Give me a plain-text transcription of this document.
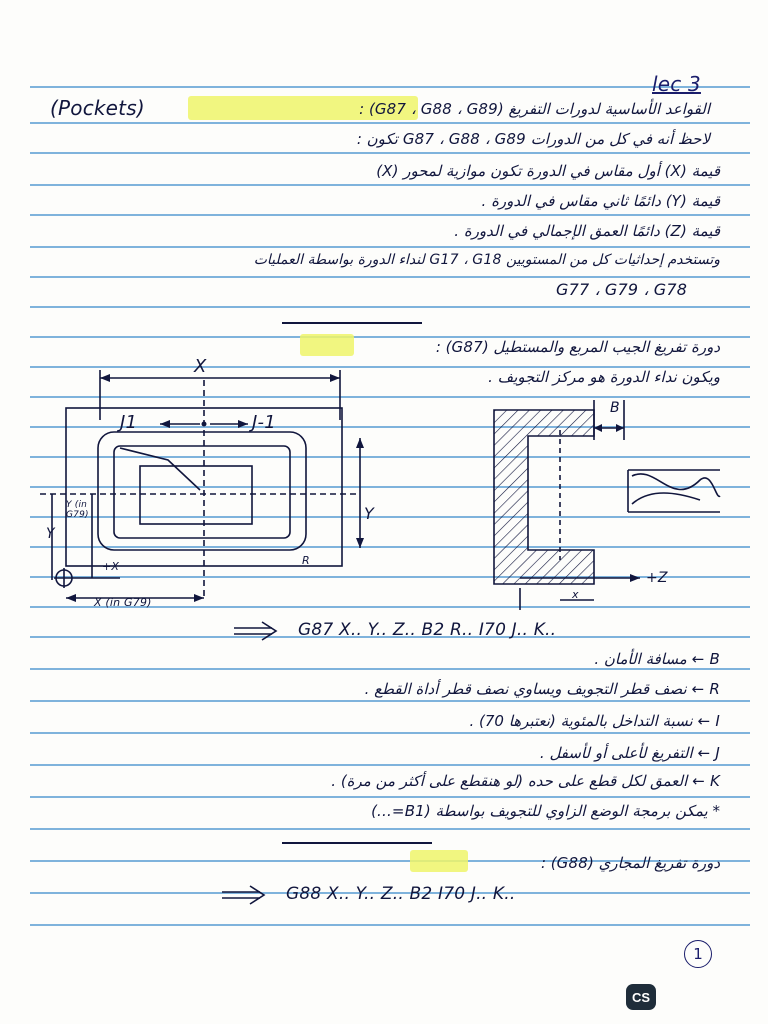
lec 3
(Pockets)	القواعد الأساسية لدورات التفريغ (G87 ، G88 ، G89) :
لاحظ أنه في كل من الدورات G87 ، G88 ، G89 تكون :
قيمة (X) أول مقاس في الدورة تكون موازية لمحور (X)
قيمة (Y) دائمًا ثاني مقاس في الدورة .
قيمة (Z) دائمًا العمق الإجمالي في الدورة .
وتستخدم إحداثيات كل من المستويين G17 ، G18 لنداء الدورة بواسطة العمليات
G77 ، G79 ، G78
دورة تفريغ الجيب المربع والمستطيل (G87) :
ويكون نداء الدورة هو مركز التجويف .
X
J1	J-1
Y
Y
Y (in G79)
R
+X
X (in G79)
B
x
+Z
G87 X.. Y.. Z.. B2 R.. I70 J.. K..
B ← مسافة الأمان .
R ← نصف قطر التجويف ويساوي نصف قطر أداة القطع .
I ← نسبة التداخل بالمئوية (نعتبرها 70) .
J ← التفريغ لأعلى أو لأسفل .
K ← العمق لكل قطع على حده (لو هنقطع على أكثر من مرة) .
* يمكن برمجة الوضع الزاوي للتجويف بواسطة (B1=...)
دورة تفريغ المجاري (G88) :
G88 X.. Y.. Z.. B2 I70 J.. K..
1
CS
